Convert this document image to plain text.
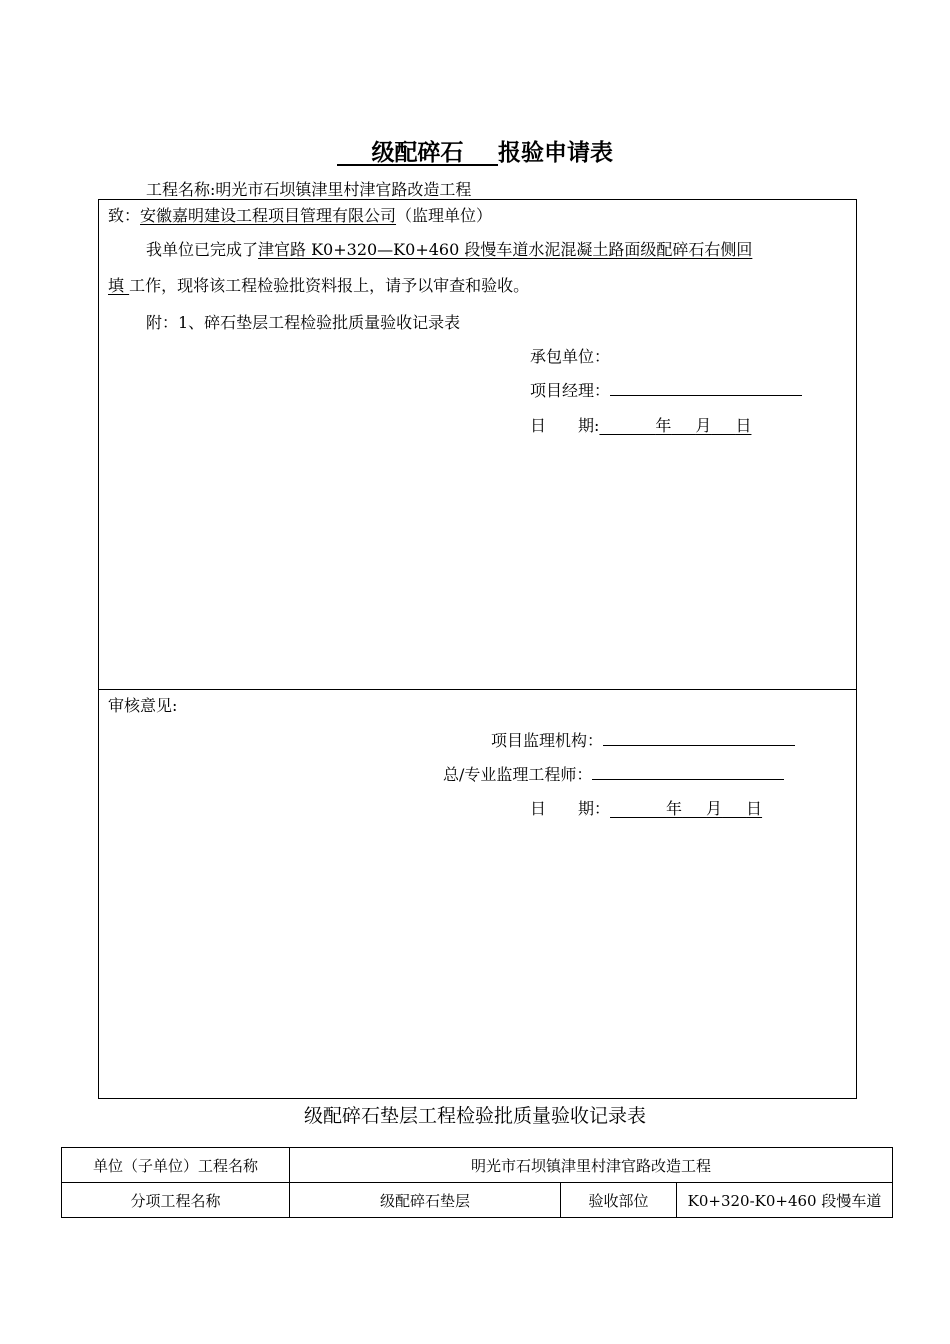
  级配碎石   报验申请表
工程名称:明光市石坝镇津里村津官路改造工程
致：安徽嘉明建设工程项目管理有限公司（监理单位）
我单位已完成了津官路 K0+320—K0+460 段慢车道水泥混凝土路面级配碎石右侧回
填 工作，现将该工程检验批资料报上，请予以审查和验收。
附：1、碎石垫层工程检验批质量验收记录表
承包单位：
项目经理：
日　　期:    	年   月   日
审核意见:
项目监理机构：
总/专业监理工程师：
日　　期：    	年   月   日
级配碎石垫层工程检验批质量验收记录表
单位（子单位）工程名称	明光市石坝镇津里村津官路改造工程		
分项工程名称	级配碎石垫层	验收部位	K0+320-K0+460 段慢车道
